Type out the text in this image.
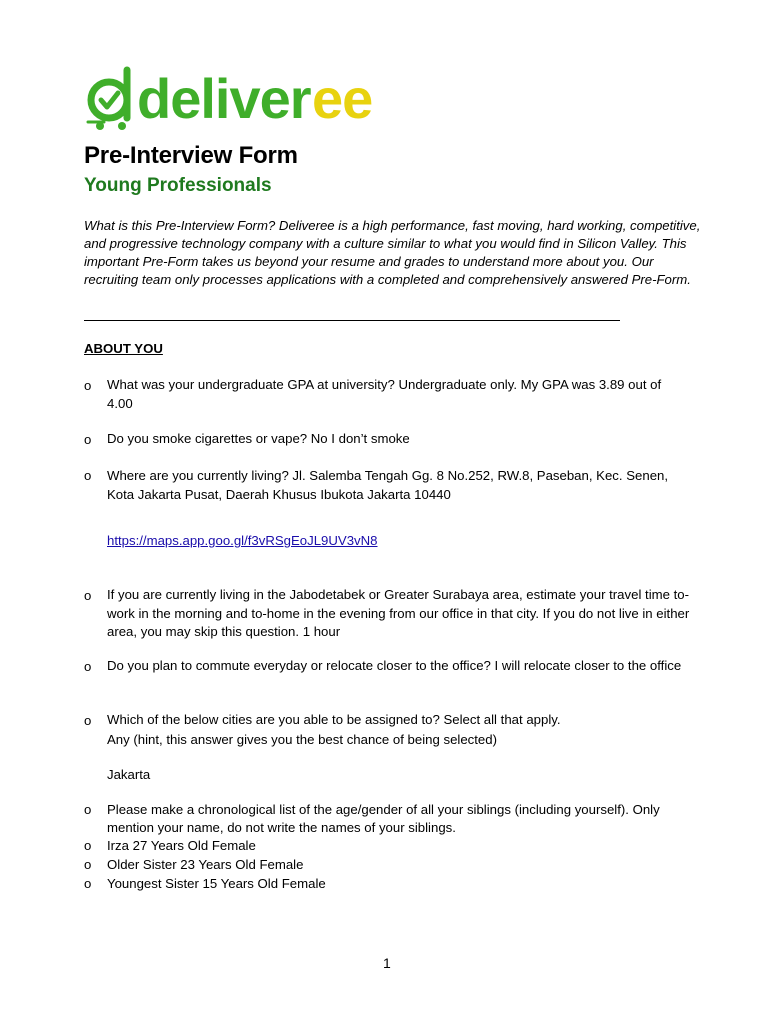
deliver ee
Pre-Interview Form
Young Professionals
What is this Pre-Interview Form? Deliveree is a high performance, fast moving, hard working, competitive, and progressive technology company with a culture similar to what you would find in Silicon Valley. This important Pre-Form takes us beyond your resume and grades to understand more about you. Our recruiting team only processes applications with a completed and comprehensively answered Pre-Form.
ABOUT YOU
o What was your undergraduate GPA at university? Undergraduate only. My GPA was 3.89 out of 4.00
o Do you smoke cigarettes or vape? No I don’t smoke
o Where are you currently living? Jl. Salemba Tengah Gg. 8 No.252, RW.8, Paseban, Kec. Senen, Kota Jakarta Pusat, Daerah Khusus Ibukota Jakarta 10440
https://maps.app.goo.gl/f3vRSgEoJL9UV3vN8
o If you are currently living in the Jabodetabek or Greater Surabaya area, estimate your travel time to-work in the morning and to-home in the evening from our office in that city. If you do not live in either area, you may skip this question. 1 hour
o Do you plan to commute everyday or relocate closer to the office? I will relocate closer to the office
o Which of the below cities are you able to be assigned to? Select all that apply.
Any (hint, this answer gives you the best chance of being selected)
Jakarta
o Please make a chronological list of the age/gender of all your siblings (including yourself). Only mention your name, do not write the names of your siblings.
o Irza 27 Years Old Female
o Older Sister 23 Years Old Female
o Youngest Sister 15 Years Old Female
1
